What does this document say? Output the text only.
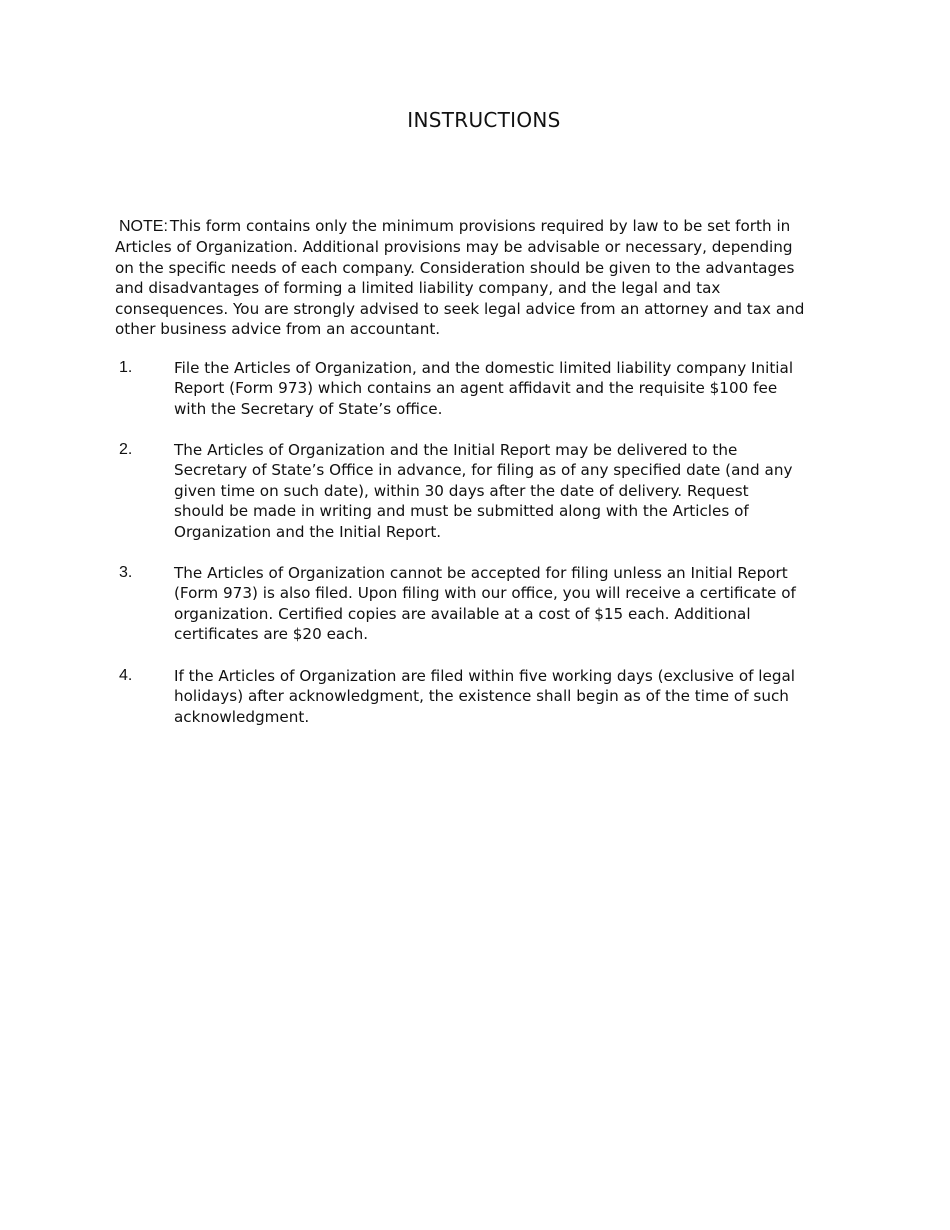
INSTRUCTIONS

NOTE: This form contains only the minimum provisions required by law to be set forth in Articles of Organization. Additional provisions may be advisable or necessary, depending on the specific needs of each company. Consideration should be given to the advantages and disadvantages of forming a limited liability company, and the legal and tax consequences. You are strongly advised to seek legal advice from an attorney and tax and other business advice from an accountant.

1.	File the Articles of Organization, and the domestic limited liability company Initial Report (Form 973) which contains an agent affidavit and the requisite $100 fee with the Secretary of State’s office.

2.	The Articles of Organization and the Initial Report may be delivered to the Secretary of State’s Office in advance, for filing as of any specified date (and any given time on such date), within 30 days after the date of delivery. Request should be made in writing and must be submitted along with the Articles of Organization and the Initial Report.

3.	The Articles of Organization cannot be accepted for filing unless an Initial Report (Form 973) is also filed. Upon filing with our office, you will receive a certificate of organization. Certified copies are available at a cost of $15 each. Additional certificates are $20 each.

4.	If the Articles of Organization are filed within five working days (exclusive of legal holidays) after acknowledgment, the existence shall begin as of the time of such acknowledgment.
